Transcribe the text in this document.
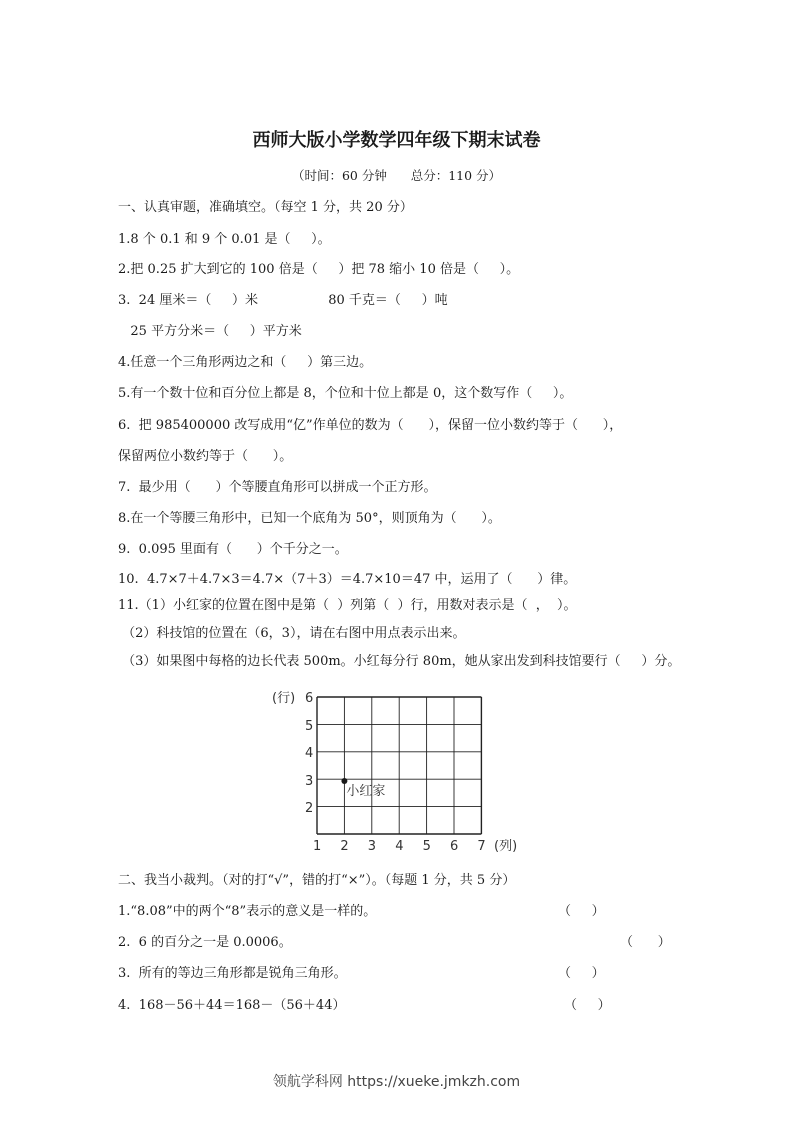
西师大版小学数学四年级下期末试卷
（时间：60 分钟      总分：110 分）
一、认真审题，准确填空。（每空 1 分，共 20 分）
1.8 个 0.1 和 9 个 0.01 是（     ）。
2.把 0.25 扩大到它的 100 倍是（     ）把 78 缩小 10 倍是（     ）。
3.  24 厘米＝（     ）米                 80 千克＝（     ）吨
25 平方分米＝（     ）平方米
4.任意一个三角形两边之和（     ）第三边。
5.有一个数十位和百分位上都是 8，个位和十位上都是 0，这个数写作（     ）。
6.  把 985400000 改写成用“亿”作单位的数为（      ），保留一位小数约等于（      ），
保留两位小数约等于（      ）。
7.  最少用（      ）个等腰直角形可以拼成一个正方形。
8.在一个等腰三角形中，已知一个底角为 50°，则顶角为（      ）。
9.  0.095 里面有（      ）个千分之一。
10.  4.7×7＋4.7×3＝4.7×（7＋3）＝4.7×10＝47 中，运用了（      ）律。
11.（1）小红家的位置在图中是第（  ）列第（  ）行，用数对表示是（  ，  ）。
（2）科技馆的位置在（6，3），请在右图中用点表示出来。
（3）如果图中每格的边长代表 500m。小红每分行 80m，她从家出发到科技馆要行（     ）分。
(行)
(列)
6
5
4
3
2
1 2 3 4 5 6 7
小红家
二、我当小裁判。（对的打“√”，错的打“×”）。（每题 1 分，共 5 分）
1.“8.08”中的两个“8”表示的意义是一样的。	（     ）
2.  6 的百分之一是 0.0006。	（      ）
3.  所有的等边三角形都是锐角三角形。	（     ）
4.  168－56＋44＝168－（56＋44）	（     ）
领航学科网 https://xueke.jmkzh.com
